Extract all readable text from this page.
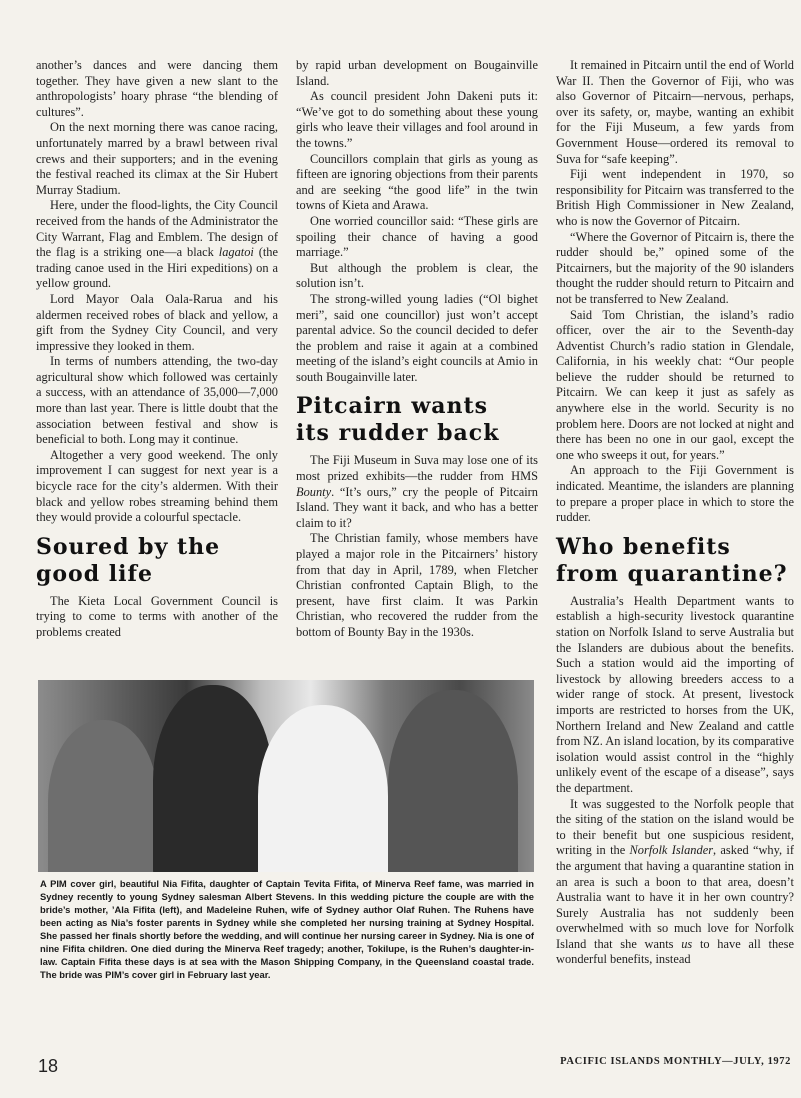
another’s dances and were dancing them together. They have given a new slant to the anthropologists’ hoary phrase “the blending of cultures”.

On the next morning there was canoe racing, unfortunately marred by a brawl between rival crews and their supporters; and in the evening the festival reached its climax at the Sir Hubert Murray Stadium.

Here, under the flood-lights, the City Council received from the hands of the Administrator the City Warrant, Flag and Emblem. The design of the flag is a striking one—a black lagatoi (the trading canoe used in the Hiri expeditions) on a yellow ground.

Lord Mayor Oala Oala-Rarua and his aldermen received robes of black and yellow, a gift from the Sydney City Council, and very impressive they looked in them.

In terms of numbers attending, the two-day agricultural show which followed was certainly a success, with an attendance of 35,000—7,000 more than last year. There is little doubt that the association between festival and show is beneficial to both. Long may it continue.

Altogether a very good weekend. The only improvement I can suggest for next year is a bicycle race for the city’s aldermen. With their black and yellow robes streaming behind them they would provide a colourful spectacle.

Soured by the
good life

The Kieta Local Government Council is trying to come to terms with another of the problems created

by rapid urban development on Bougainville Island.

As council president John Dakeni puts it: “We’ve got to do something about these young girls who leave their villages and fool around in the towns.”

Councillors complain that girls as young as fifteen are ignoring objections from their parents and are seeking “the good life” in the twin towns of Kieta and Arawa.

One worried councillor said: “These girls are spoiling their chance of having a good marriage.”

But although the problem is clear, the solution isn’t.

The strong-willed young ladies (“Ol bighet meri”, said one councillor) just won’t accept parental advice. So the council decided to defer the problem and raise it again at a combined meeting of the island’s eight councils at Amio in south Bougainville later.

Pitcairn wants
its rudder back

The Fiji Museum in Suva may lose one of its most prized exhibits—the rudder from HMS Bounty. “It’s ours,” cry the people of Pitcairn Island. They want it back, and who has a better claim to it?

The Christian family, whose members have played a major role in the Pitcairners’ history from that day in April, 1789, when Fletcher Christian confronted Captain Bligh, to the present, have first claim. It was Parkin Christian, who recovered the rudder from the bottom of Bounty Bay in the 1930s.

It remained in Pitcairn until the end of World War II. Then the Governor of Fiji, who was also Governor of Pitcairn—nervous, perhaps, over its safety, or, maybe, wanting an exhibit for the Fiji Museum, a few yards from Government House—ordered its removal to Suva for “safe keeping”.

Fiji went independent in 1970, so responsibility for Pitcairn was transferred to the British High Commissioner in New Zealand, who is now the Governor of Pitcairn.

“Where the Governor of Pitcairn is, there the rudder should be,” opined some of the Pitcairners, but the majority of the 90 islanders thought the rudder should return to Pitcairn and not be transferred to New Zealand.

Said Tom Christian, the island’s radio officer, over the air to the Seventh-day Adventist Church’s radio station in Glendale, California, in his weekly chat: “Our people believe the rudder should be returned to Pitcairn. We can keep it just as safely as anywhere else in the world. Security is no problem here. Doors are not locked at night and there has been no one in our gaol, except the one who sweeps it out, for years.”

An approach to the Fiji Government is indicated. Meantime, the islanders are planning to prepare a proper place in which to store the rudder.

Who benefits
from quarantine?

Australia’s Health Department wants to establish a high-security livestock quarantine station on Norfolk Island to serve Australia but the Islanders are dubious about the benefits. Such a station would aid the importing of livestock by allowing breeders access to a wider range of stock. At present, livestock imports are restricted to horses from the UK, Northern Ireland and New Zealand and cattle from NZ. An island location, by its comparative isolation would assist control in the “highly unlikely event of the escape of a disease”, says the department.

It was suggested to the Norfolk people that the siting of the station on the island would be to their benefit but one suspicious resident, writing in the Norfolk Islander, asked “why, if the argument that having a quarantine station in an area is such a boon to that area, doesn’t Australia want to have it in her own country? Surely Australia has not suddenly been overwhelmed with so much love for Norfolk Island that she wants us to have all these wonderful benefits, instead

A PIM cover girl, beautiful Nia Fifita, daughter of Captain Tevita Fifita, of Minerva Reef fame, was married in Sydney recently to young Sydney salesman Albert Stevens. In this wedding picture the couple are with the bride’s mother, ’Ala Fifita (left), and Madeleine Ruhen, wife of Sydney author Olaf Ruhen. The Ruhens have been acting as Nia’s foster parents in Sydney while she completed her nursing training at Sydney Hospital. She passed her finals shortly before the wedding, and will continue her nursing career in Sydney. Nia is one of nine Fifita children. One died during the Minerva Reef tragedy; another, Tokilupe, is the Ruhen’s daughter-in-law. Captain Fifita these days is at sea with the Mason Shipping Company, in the Queensland coastal trade. The bride was PIM’s cover girl in February last year.
18	PACIFIC ISLANDS MONTHLY—JULY, 1972
